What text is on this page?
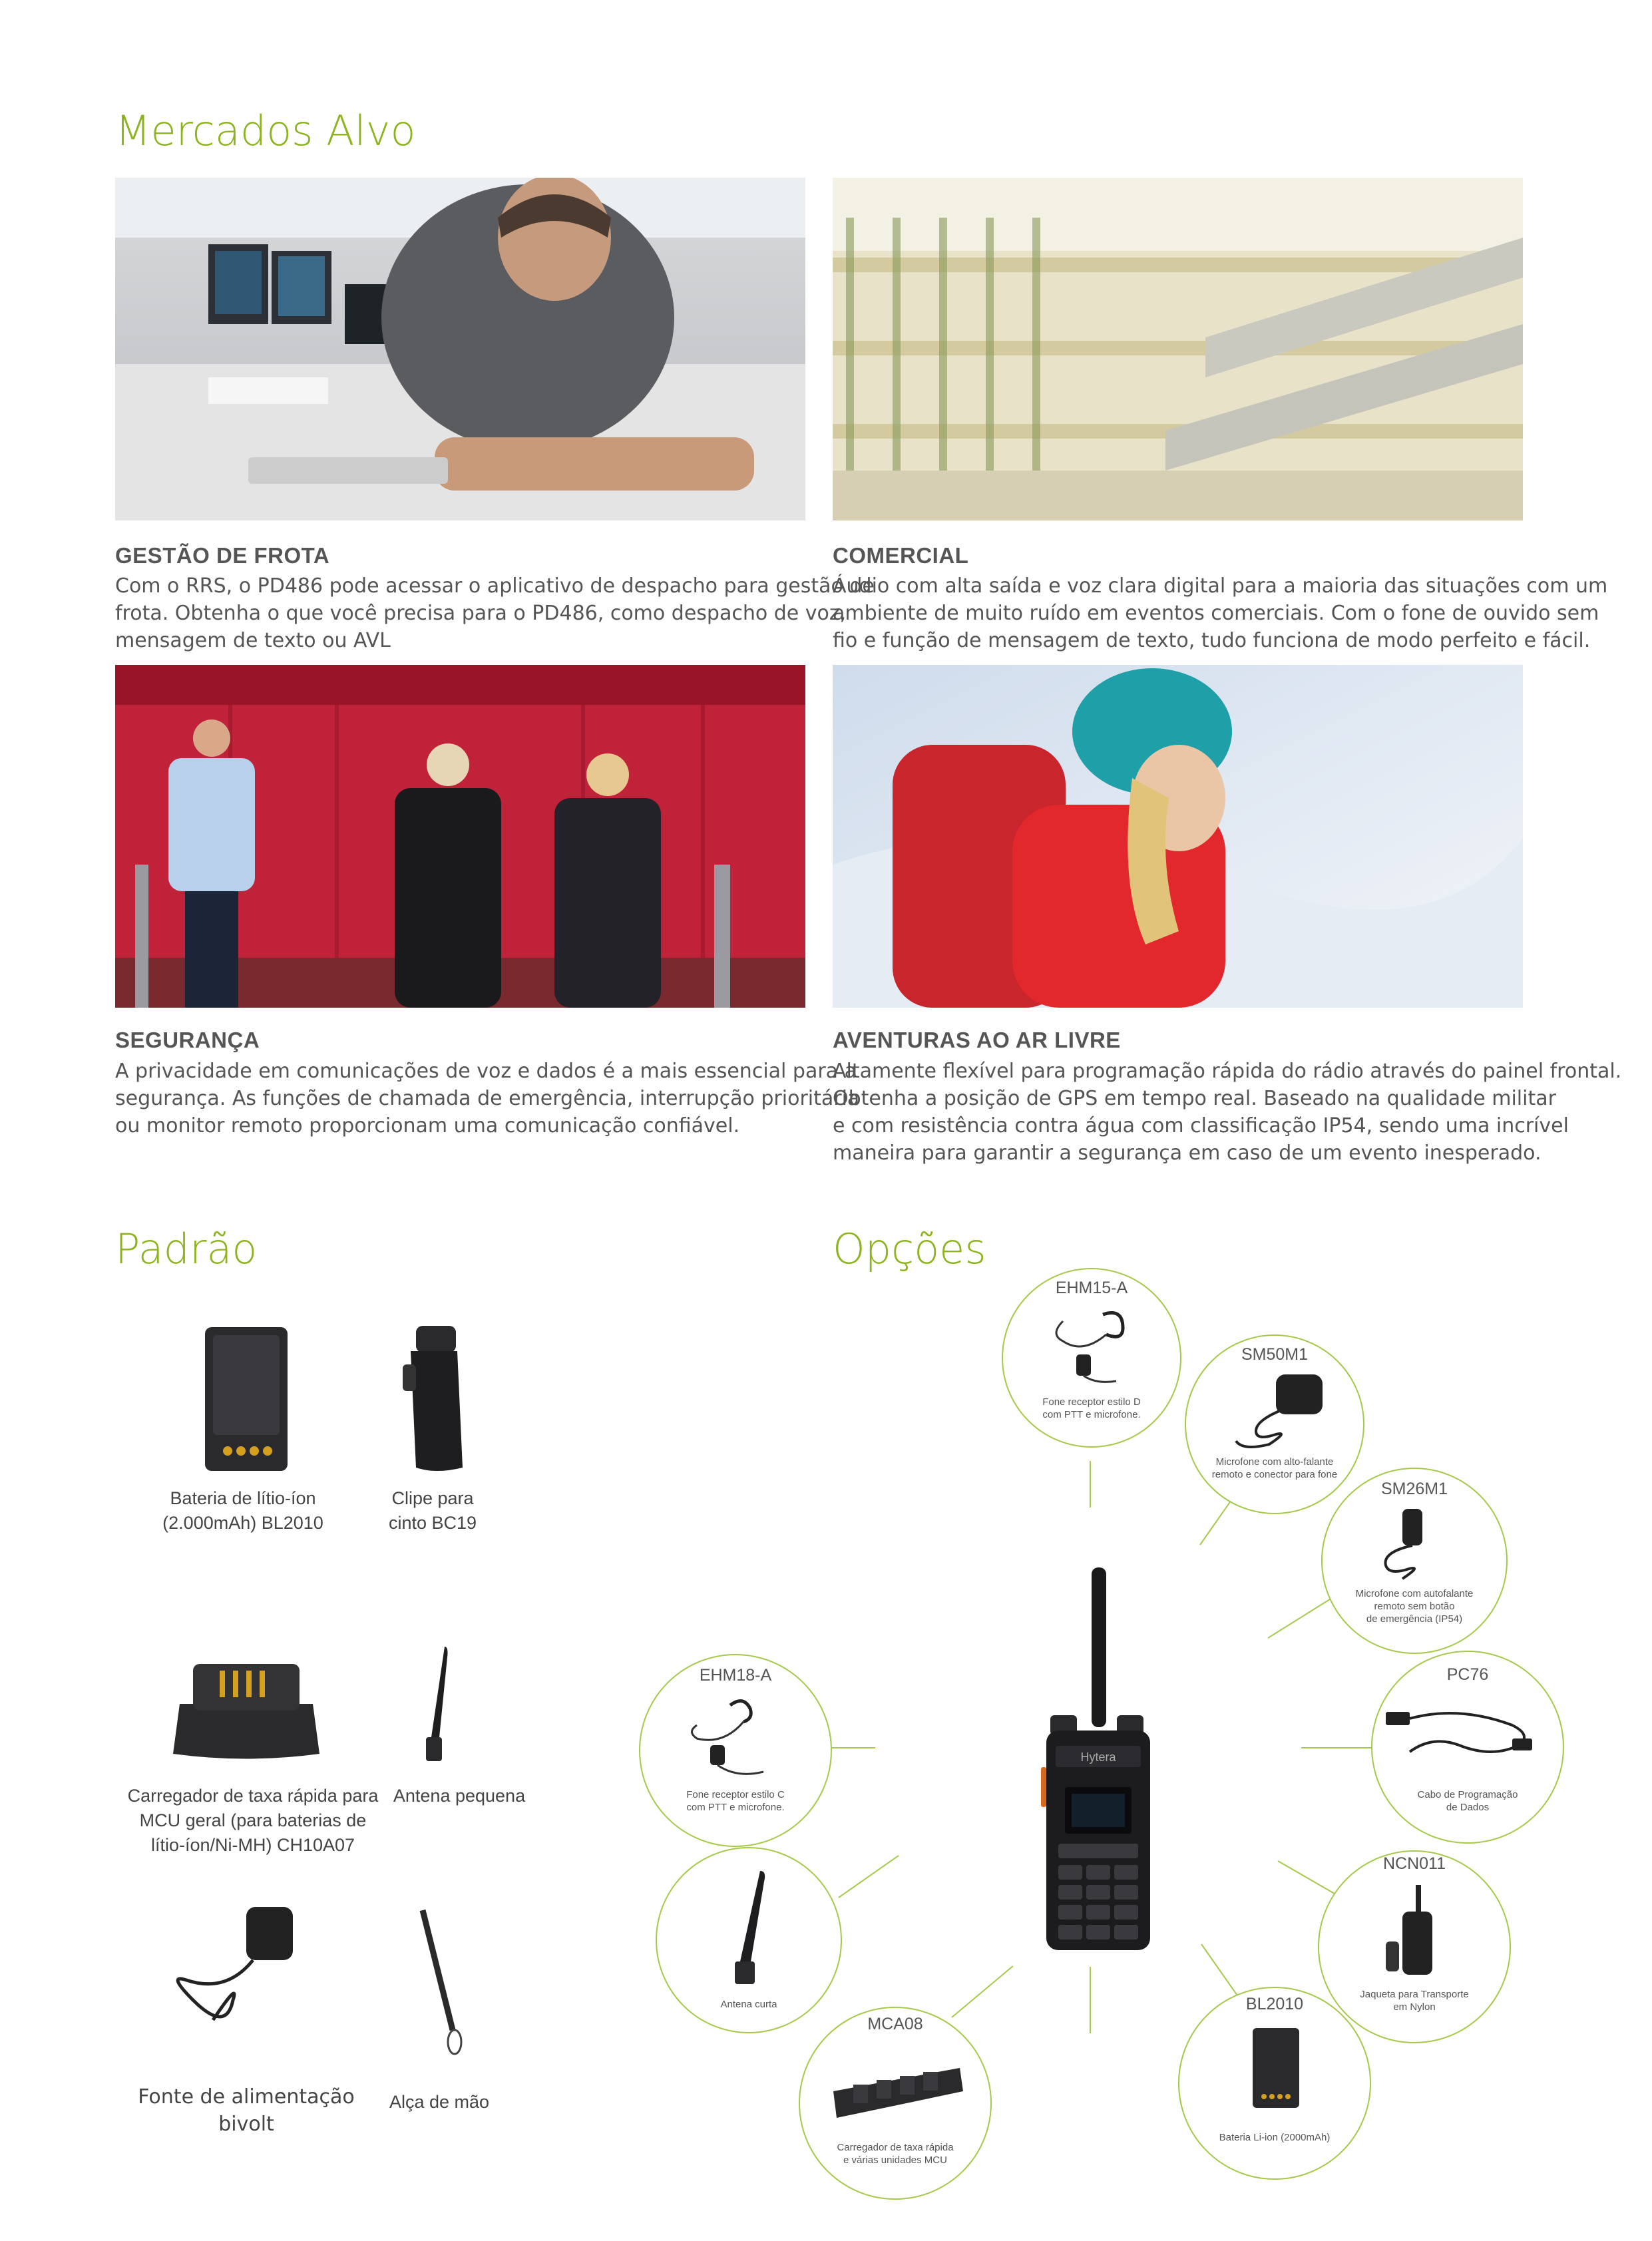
Mercados Alvo
GESTÃO DE FROTA
Com o RRS, o PD486 pode acessar o aplicativo de despacho para gestão de
frota. Obtenha o que você precisa para o PD486, como despacho de voz,
mensagem de texto ou AVL
COMERCIAL
Áudio com alta saída e voz clara digital para a maioria das situações com um
ambiente de muito ruído em eventos comerciais. Com o fone de ouvido sem
fio e função de mensagem de texto, tudo funciona de modo perfeito e fácil.
SEGURANÇA
A privacidade em comunicações de voz e dados é a mais essencial para a
segurança. As funções de chamada de emergência, interrupção prioritária
ou monitor remoto proporcionam uma comunicação confiável.
AVENTURAS AO AR LIVRE
Altamente flexível para programação rápida do rádio através do painel frontal.
Obtenha a posição de GPS em tempo real. Baseado na qualidade militar
e com resistência contra água com classificação IP54, sendo uma incrível
maneira para garantir a segurança em caso de um evento inesperado.
Padrão	Opções
Bateria de lítio-íon
(2.000mAh) BL2010
Clipe para
cinto BC19
Carregador de taxa rápida para
MCU geral (para baterias de
lítio-íon/Ni-MH) CH10A07
Antena pequena
Fonte de alimentação
bivolt
Alça de mão
Hytera
EHM15-A
Fone receptor estilo D
com PTT e microfone.
SM50M1
Microfone com alto-falante
remoto e conector para fone
SM26M1
Microfone com autofalante
remoto sem botão
de emergência (IP54)
PC76
Cabo de Programação
de Dados
NCN011
Jaqueta para Transporte
em Nylon
BL2010
Bateria Li-ion (2000mAh)
MCA08
Carregador de taxa rápida
e várias unidades MCU
Antena curta
EHM18-A
Fone receptor estilo C
com PTT e microfone.
